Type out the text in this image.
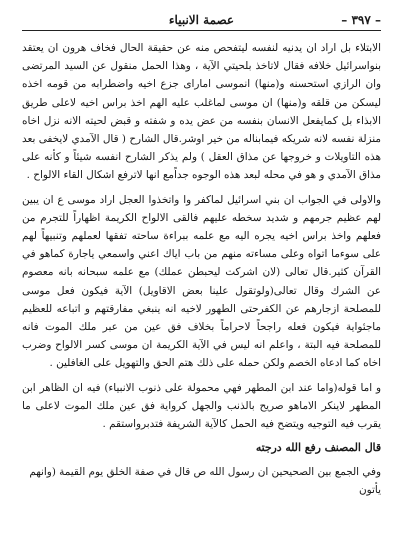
– ٣٩٧ –
عصمة الانبياء

الابتلاء بل اراد ان يدنيه لنفسه ليتفحص منه عن حقيقة الحال فخاف هرون ان يعتقد بنواسرائيل خلافه فقال لاتاخذ بلحيتي الآية ، وهذا الحمل منقول عن السيد المرتضى وان الرازي استحسنه و(منها) انموسى اماراى جزع اخيه واضطرابه من قومه اخذه ليسكن من قلقه و(منها) ان موسى لماغلب عليه الهم اخذ براس اخيه لاعلى طريق الابذاء بل كمايفعل الانسان بنفسه من عض يده و شفته و قبض لحيته الانه نزل اخاه منزلة نفسه لانه شريكه فيمابناله من خير اوشر.قال الشارح ( قال الآمدي لايخفى بعد هذه التاويلات و خروجها عن مذاق العقل ) ولم يذكر الشارح انفسه شيئاً و كأنه على مذاق الآمدي و هو في محله لبعد هذه الوجوه جداًمع انها لاترفع اشكال القاء الالواح .

والاولى في الجواب ان بني اسرائيل لماكفر وا واتخذوا العجل اراد موسى ع ان يبين لهم عظيم جرمهم و شديد سخطه عليهم فالقى الالواح الكريمة اظهاراً للتجرم من فعلهم واخذ براس اخيه يجره اليه مع علمه ببراءة ساحته تفقها لعملهم وتنبيهاً لهم على سوءما اتواه وعلى مساءته منهم من باب اياك اعني واسمعي ياجارة كماهو في القرآن كثير.قال تعالى (لان اشركت ليحبطن عملك) مع علمه سبحانه بانه معصوم عن الشرك وقال تعالى(ولوتقول علينا بعض الاقاويل) الآية فيكون فعل موسى للمصلحة ازجارهم عن الكفرحتى الطهور لاخيه انه ينبغي مفارقتهم و اتباعه للعظيم ماجئواية فيكون فعله راجحاً لاحراماً بخلاف فق عين من عبر ملك الموت فانه للمصلحة فيه البتة ، واعلم انه ليس في الآية الكريمة ان موسى كسر الالواح وضرب اخاه كما ادعاه الخصم ولكن حمله على ذلك هتم الحق والتهويل على الغافلين .

و اما قوله(واما عند ابن المطهر فهي محمولة على ذنوب الانبياء) فيه ان الظاهر ابن المطهر لاينكر الاماهو صريح بالذنب والجهل كرواية فق عين ملك الموت لاعلى ما يقرب فيه التوجيه ويتضح فيه الحمل كالآية الشريفة فتدبرواستقم .

قال المصنف رفع الله درجته

وفي الجمع بين الصحيحين ان رسول الله ص قال في صفة الخلق يوم القيمة (وانهم يأتون
